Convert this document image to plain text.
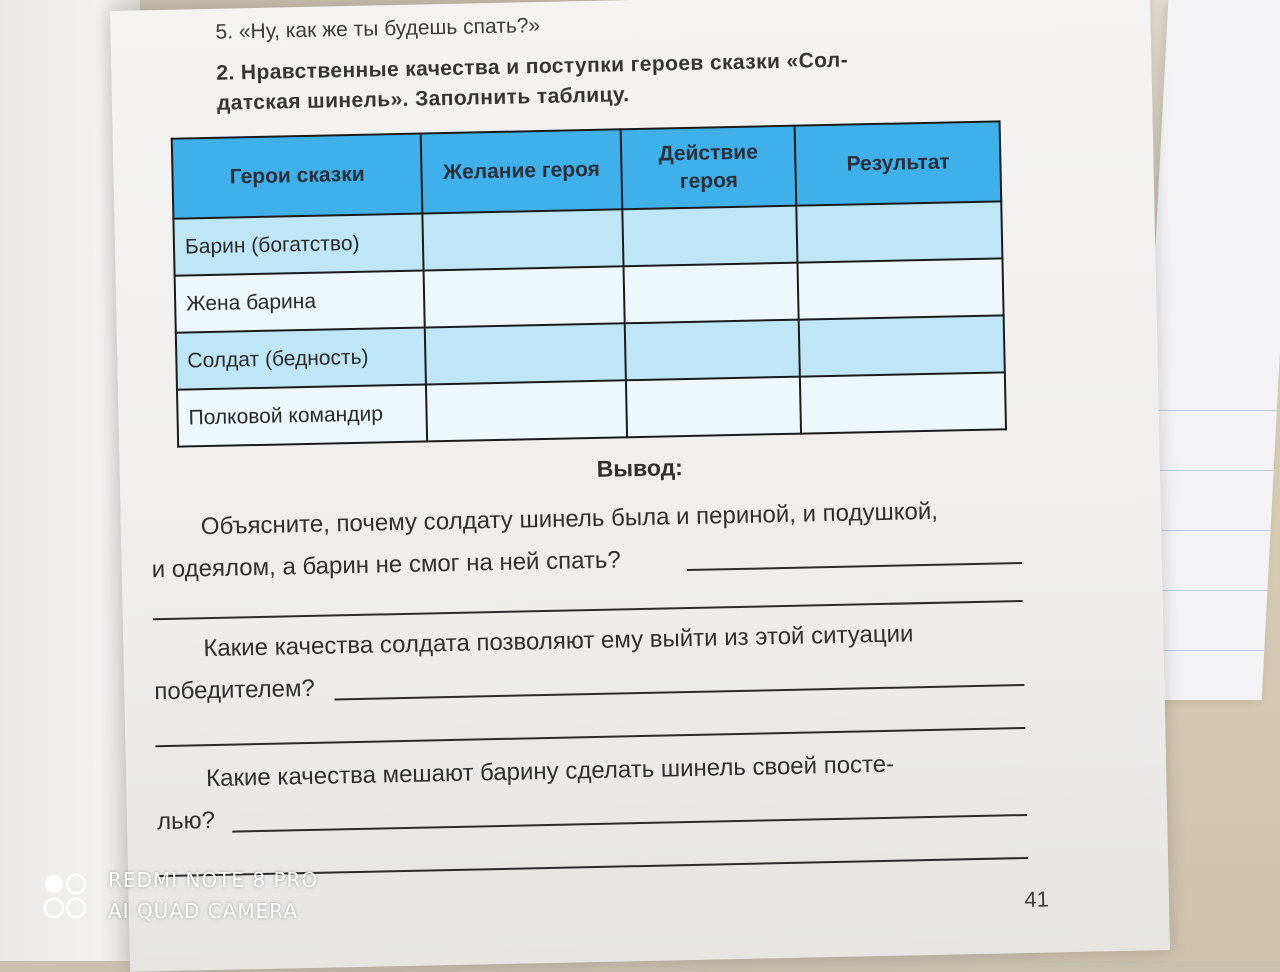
5. «Ну, как же ты будешь спать?»
2. Нравственные качества и поступки героев сказки «Сол-
датская шинель». Заполнить таблицу.
Герои сказки	Желание героя	Действие героя	Результат
Барин (богатство)			
Жена барина			
Солдат (бедность)			
Полковой командир			
Вывод:
Объясните, почему солдату шинель была и периной, и подушкой,
и одеялом, а барин не смог на ней спать?
Какие качества солдата позволяют ему выйти из этой ситуации
победителем?
Какие качества мешают барину сделать шинель своей посте-
лью?
41
REDMI NOTE 8 PRO
AI QUAD CAMERA
